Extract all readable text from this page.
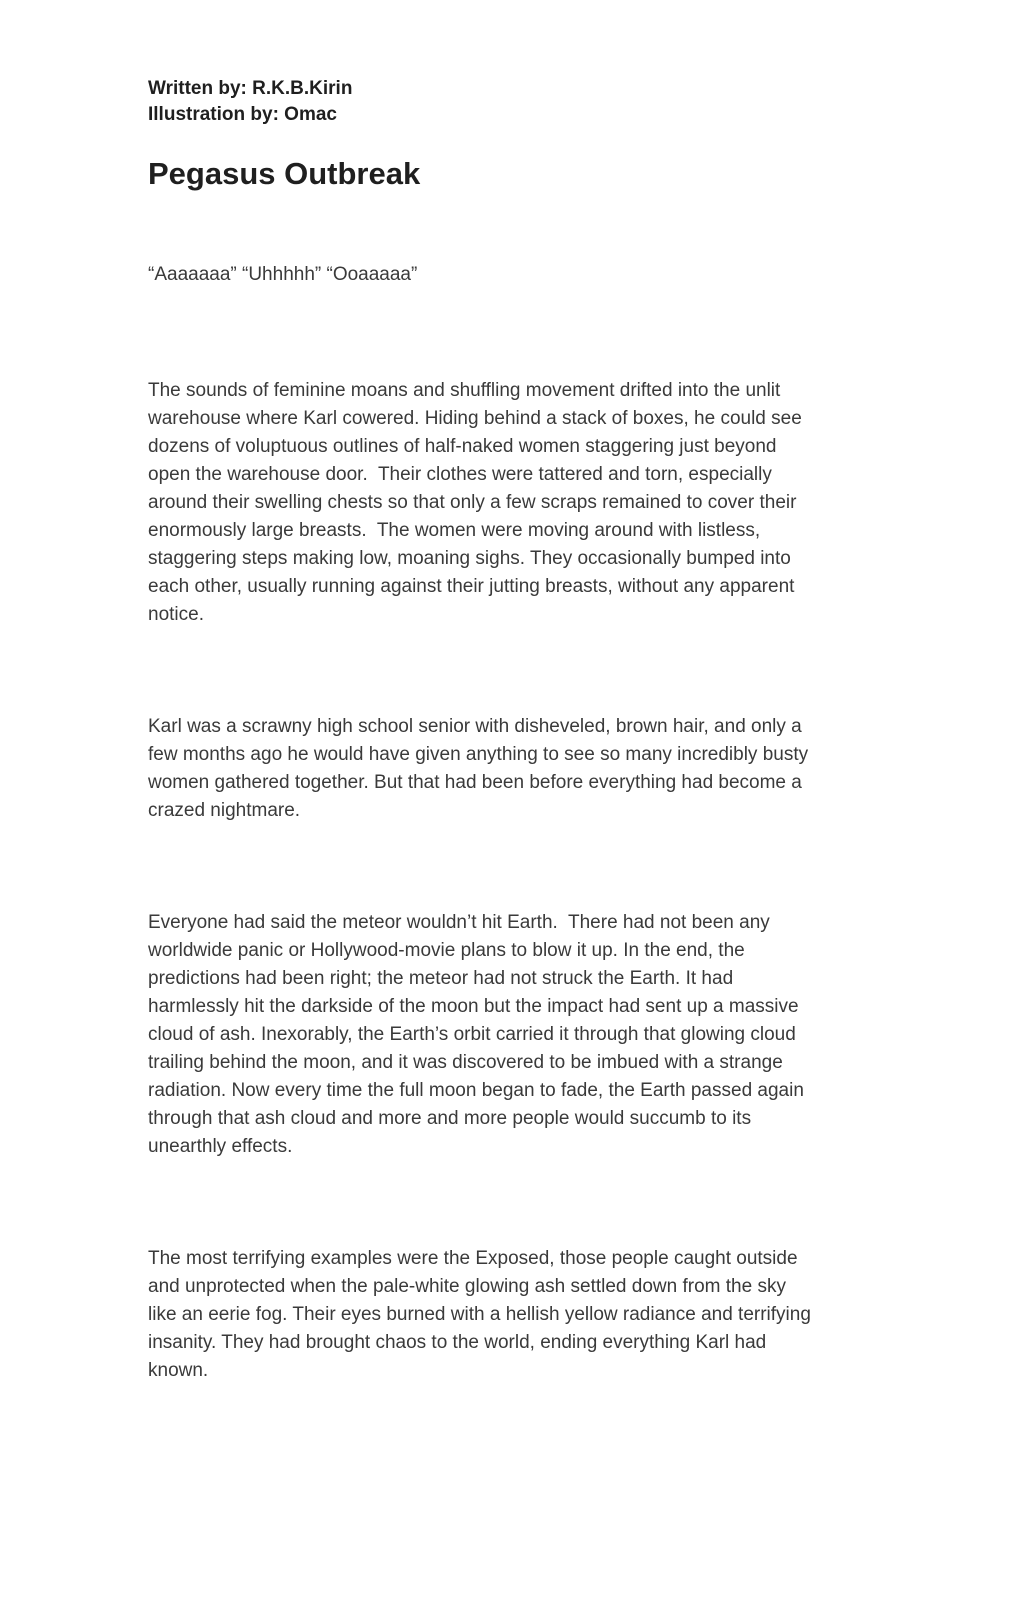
Written by: R.K.B.Kirin
Illustration by: Omac
Pegasus Outbreak

“Aaaaaaa” “Uhhhhh” “Ooaaaaa”

The sounds of feminine moans and shuffling movement drifted into the unlit
warehouse where Karl cowered. Hiding behind a stack of boxes, he could see
dozens of voluptuous outlines of half-naked women staggering just beyond
open the warehouse door.  Their clothes were tattered and torn, especially
around their swelling chests so that only a few scraps remained to cover their
enormously large breasts.  The women were moving around with listless,
staggering steps making low, moaning sighs. They occasionally bumped into
each other, usually running against their jutting breasts, without any apparent
notice.

Karl was a scrawny high school senior with disheveled, brown hair, and only a
few months ago he would have given anything to see so many incredibly busty
women gathered together. But that had been before everything had become a
crazed nightmare.

Everyone had said the meteor wouldn’t hit Earth.  There had not been any
worldwide panic or Hollywood-movie plans to blow it up. In the end, the
predictions had been right; the meteor had not struck the Earth. It had
harmlessly hit the darkside of the moon but the impact had sent up a massive
cloud of ash. Inexorably, the Earth’s orbit carried it through that glowing cloud
trailing behind the moon, and it was discovered to be imbued with a strange
radiation. Now every time the full moon began to fade, the Earth passed again
through that ash cloud and more and more people would succumb to its
unearthly effects.

The most terrifying examples were the Exposed, those people caught outside
and unprotected when the pale-white glowing ash settled down from the sky
like an eerie fog. Their eyes burned with a hellish yellow radiance and terrifying
insanity. They had brought chaos to the world, ending everything Karl had
known.
